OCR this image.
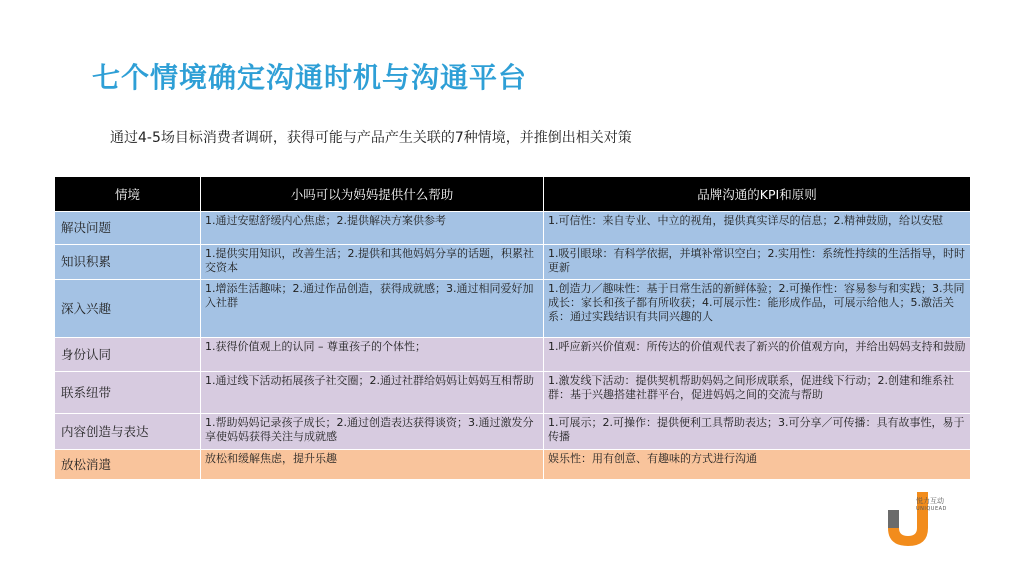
七个情境确定沟通时机与沟通平台
通过4-5场目标消费者调研，获得可能与产品产生关联的7种情境，并推倒出相关对策
情境	小吗可以为妈妈提供什么帮助	品牌沟通的KPI和原则
解决问题	1.通过安慰舒缓内心焦虑；2.提供解决方案供参考	1.可信性：来自专业、中立的视角，提供真实详尽的信息；2.精神鼓励，给以安慰
知识积累	1.提供实用知识，改善生活；2.提供和其他妈妈分享的话题，积累社交资本	1.吸引眼球：有科学依据，并填补常识空白；2.实用性：系统性持续的生活指导，时时更新
深入兴趣	1.增添生活趣味；2.通过作品创造，获得成就感；3.通过相同爱好加入社群	1.创造力／趣味性：基于日常生活的新鲜体验；2.可操作性：容易参与和实践；3.共同成长：家长和孩子都有所收获；4.可展示性：能形成作品，可展示给他人；5.激活关系：通过实践结识有共同兴趣的人
身份认同	1.获得价值观上的认同 – 尊重孩子的个体性；	1.呼应新兴价值观：所传达的价值观代表了新兴的价值观方向，并给出妈妈支持和鼓励
联系纽带	1.通过线下活动拓展孩子社交圈；2.通过社群给妈妈让妈妈互相帮助	1.激发线下活动：提供契机帮助妈妈之间形成联系，促进线下行动；2.创建和维系社群：基于兴趣搭建社群平台，促进妈妈之间的交流与帮助
内容创造与表达	1.帮助妈妈记录孩子成长；2.通过创造表达获得谈资；3.通过激发分享使妈妈获得关注与成就感	1.可展示；2.可操作：提供便利工具帮助表达；3.可分享／可传播：具有故事性，易于传播
放松消遣	放松和缓解焦虑，提升乐趣	娱乐性：用有创意、有趣味的方式进行沟通
悦力互动
UNIQUEAD
